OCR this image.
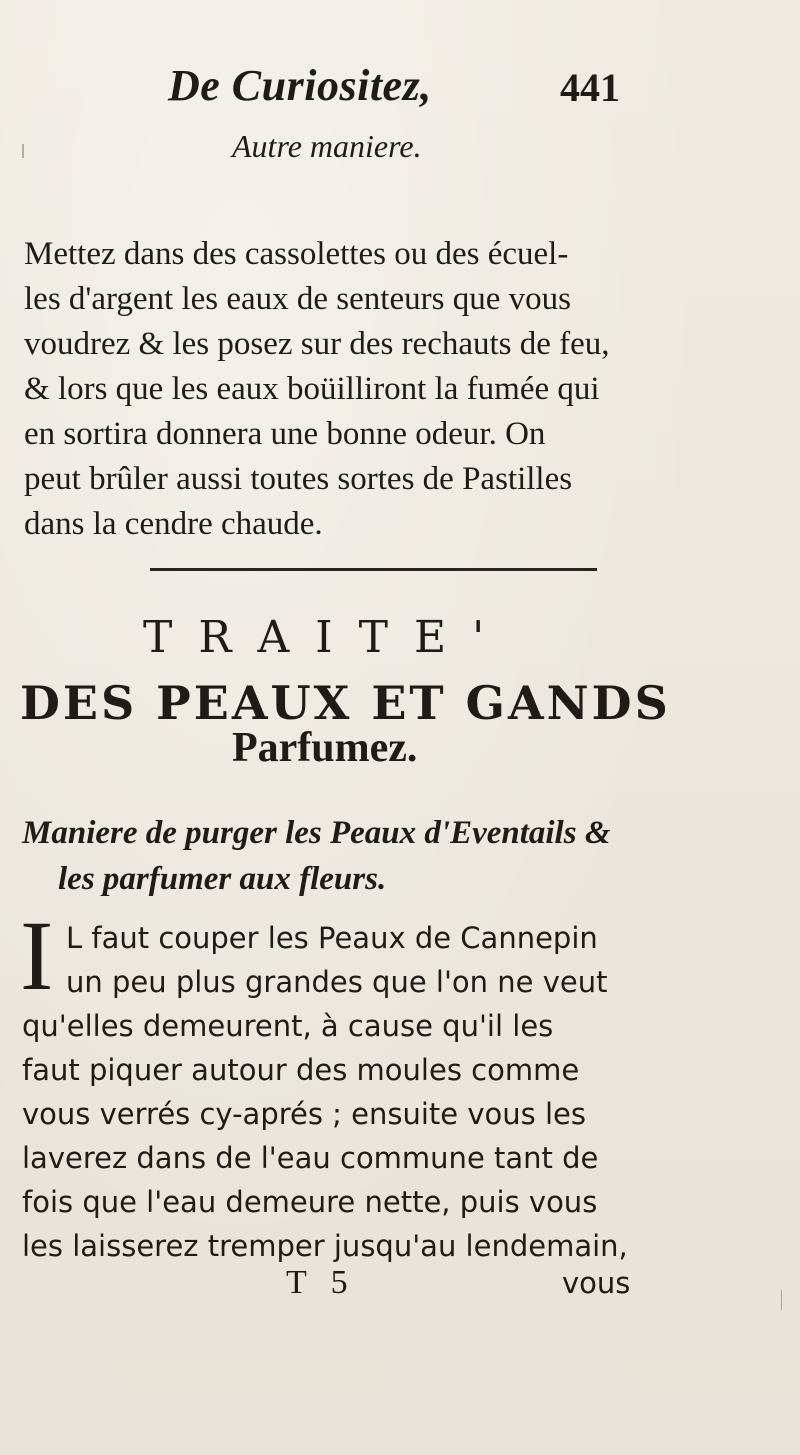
De Curiositez,	441
Autre maniere.
Mettez dans des cassolettes ou des écuel-
les d'argent les eaux de senteurs que vous
voudrez & les posez sur des rechauts de feu,
& lors que les eaux boüilliront la fumée qui
en sortira donnera une bonne odeur. On
peut brûler aussi toutes sortes de Pastilles
dans la cendre chaude.
TRAITE'
DES PEAUX ET GANDS
Parfumez.
Maniere de purger les Peaux d'Eventails &
les parfumer aux fleurs.
I L faut couper les Peaux de Cannepin
un peu plus grandes que l'on ne veut
qu'elles demeurent, à cause qu'il les
faut piquer autour des moules comme
vous verrés cy-aprés ; ensuite vous les
laverez dans de l'eau commune tant de
fois que l'eau demeure nette, puis vous
les laisserez tremper jusqu'au lendemain,
T 5	vous
